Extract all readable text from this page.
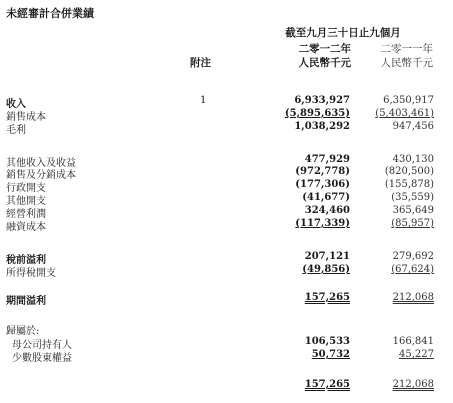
未經審計合併業績
截至九月三十日止九個月
二零一二年
人民幣千元
二零一一年
人民幣千元
附注
收入	1	6,933,927	6,350,917
銷售成本	(5,895,635)	(5,403,461)
毛利	1,038,292	947,456
其他收入及收益	477,929	430,130
銷售及分銷成本	(972,778)	(820,500)
行政開支	(177,306)	(155,878)
其他開支	(41,677)	(35,559)
經營利潤	324,460	365,649
融資成本	(117,339)	(85,957)
稅前溢利	207,121	279,692
所得稅開支	(49,856)	(67,624)
期間溢利	157,265	212,068
歸屬於:
母公司持有人	106,533	166,841
少數股東權益	50,732	45,227
157,265	212,068
